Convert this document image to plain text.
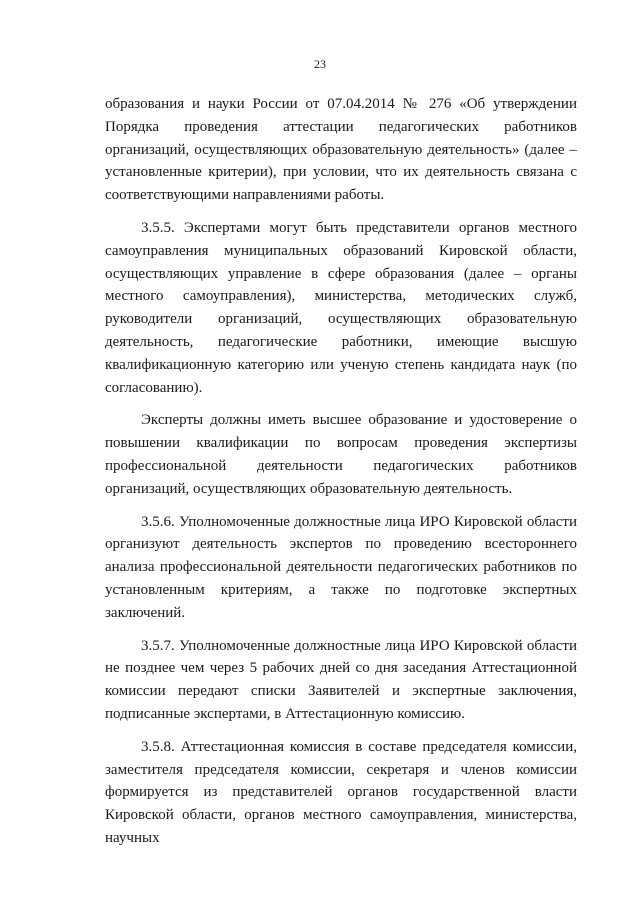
23

образования и науки России от 07.04.2014 № 276 «Об утверждении Порядка проведения аттестации педагогических работников организаций, осуществляющих образовательную деятельность» (далее – установленные критерии), при условии, что их деятельность связана с соответствующими направлениями работы.

3.5.5. Экспертами могут быть представители органов местного самоуправления муниципальных образований Кировской области, осуществляющих управление в сфере образования (далее – органы местного самоуправления), министерства, методических служб, руководители организаций, осуществляющих образовательную деятельность, педагогические работники, имеющие высшую квалификационную категорию или ученую степень кандидата наук (по согласованию).

Эксперты должны иметь высшее образование и удостоверение о повышении квалификации по вопросам проведения экспертизы профессиональной деятельности педагогических работников организаций, осуществляющих образовательную деятельность.

3.5.6. Уполномоченные должностные лица ИРО Кировской области организуют деятельность экспертов по проведению всестороннего анализа профессиональной деятельности педагогических работников по установленным критериям, а также по подготовке экспертных заключений.

3.5.7. Уполномоченные должностные лица ИРО Кировской области не позднее чем через 5 рабочих дней со дня заседания Аттестационной комиссии передают списки Заявителей и экспертные заключения, подписанные экспертами, в Аттестационную комиссию.

3.5.8. Аттестационная комиссия в составе председателя комиссии, заместителя председателя комиссии, секретаря и членов комиссии формируется из представителей органов государственной власти Кировской области, органов местного самоуправления, министерства, научных
